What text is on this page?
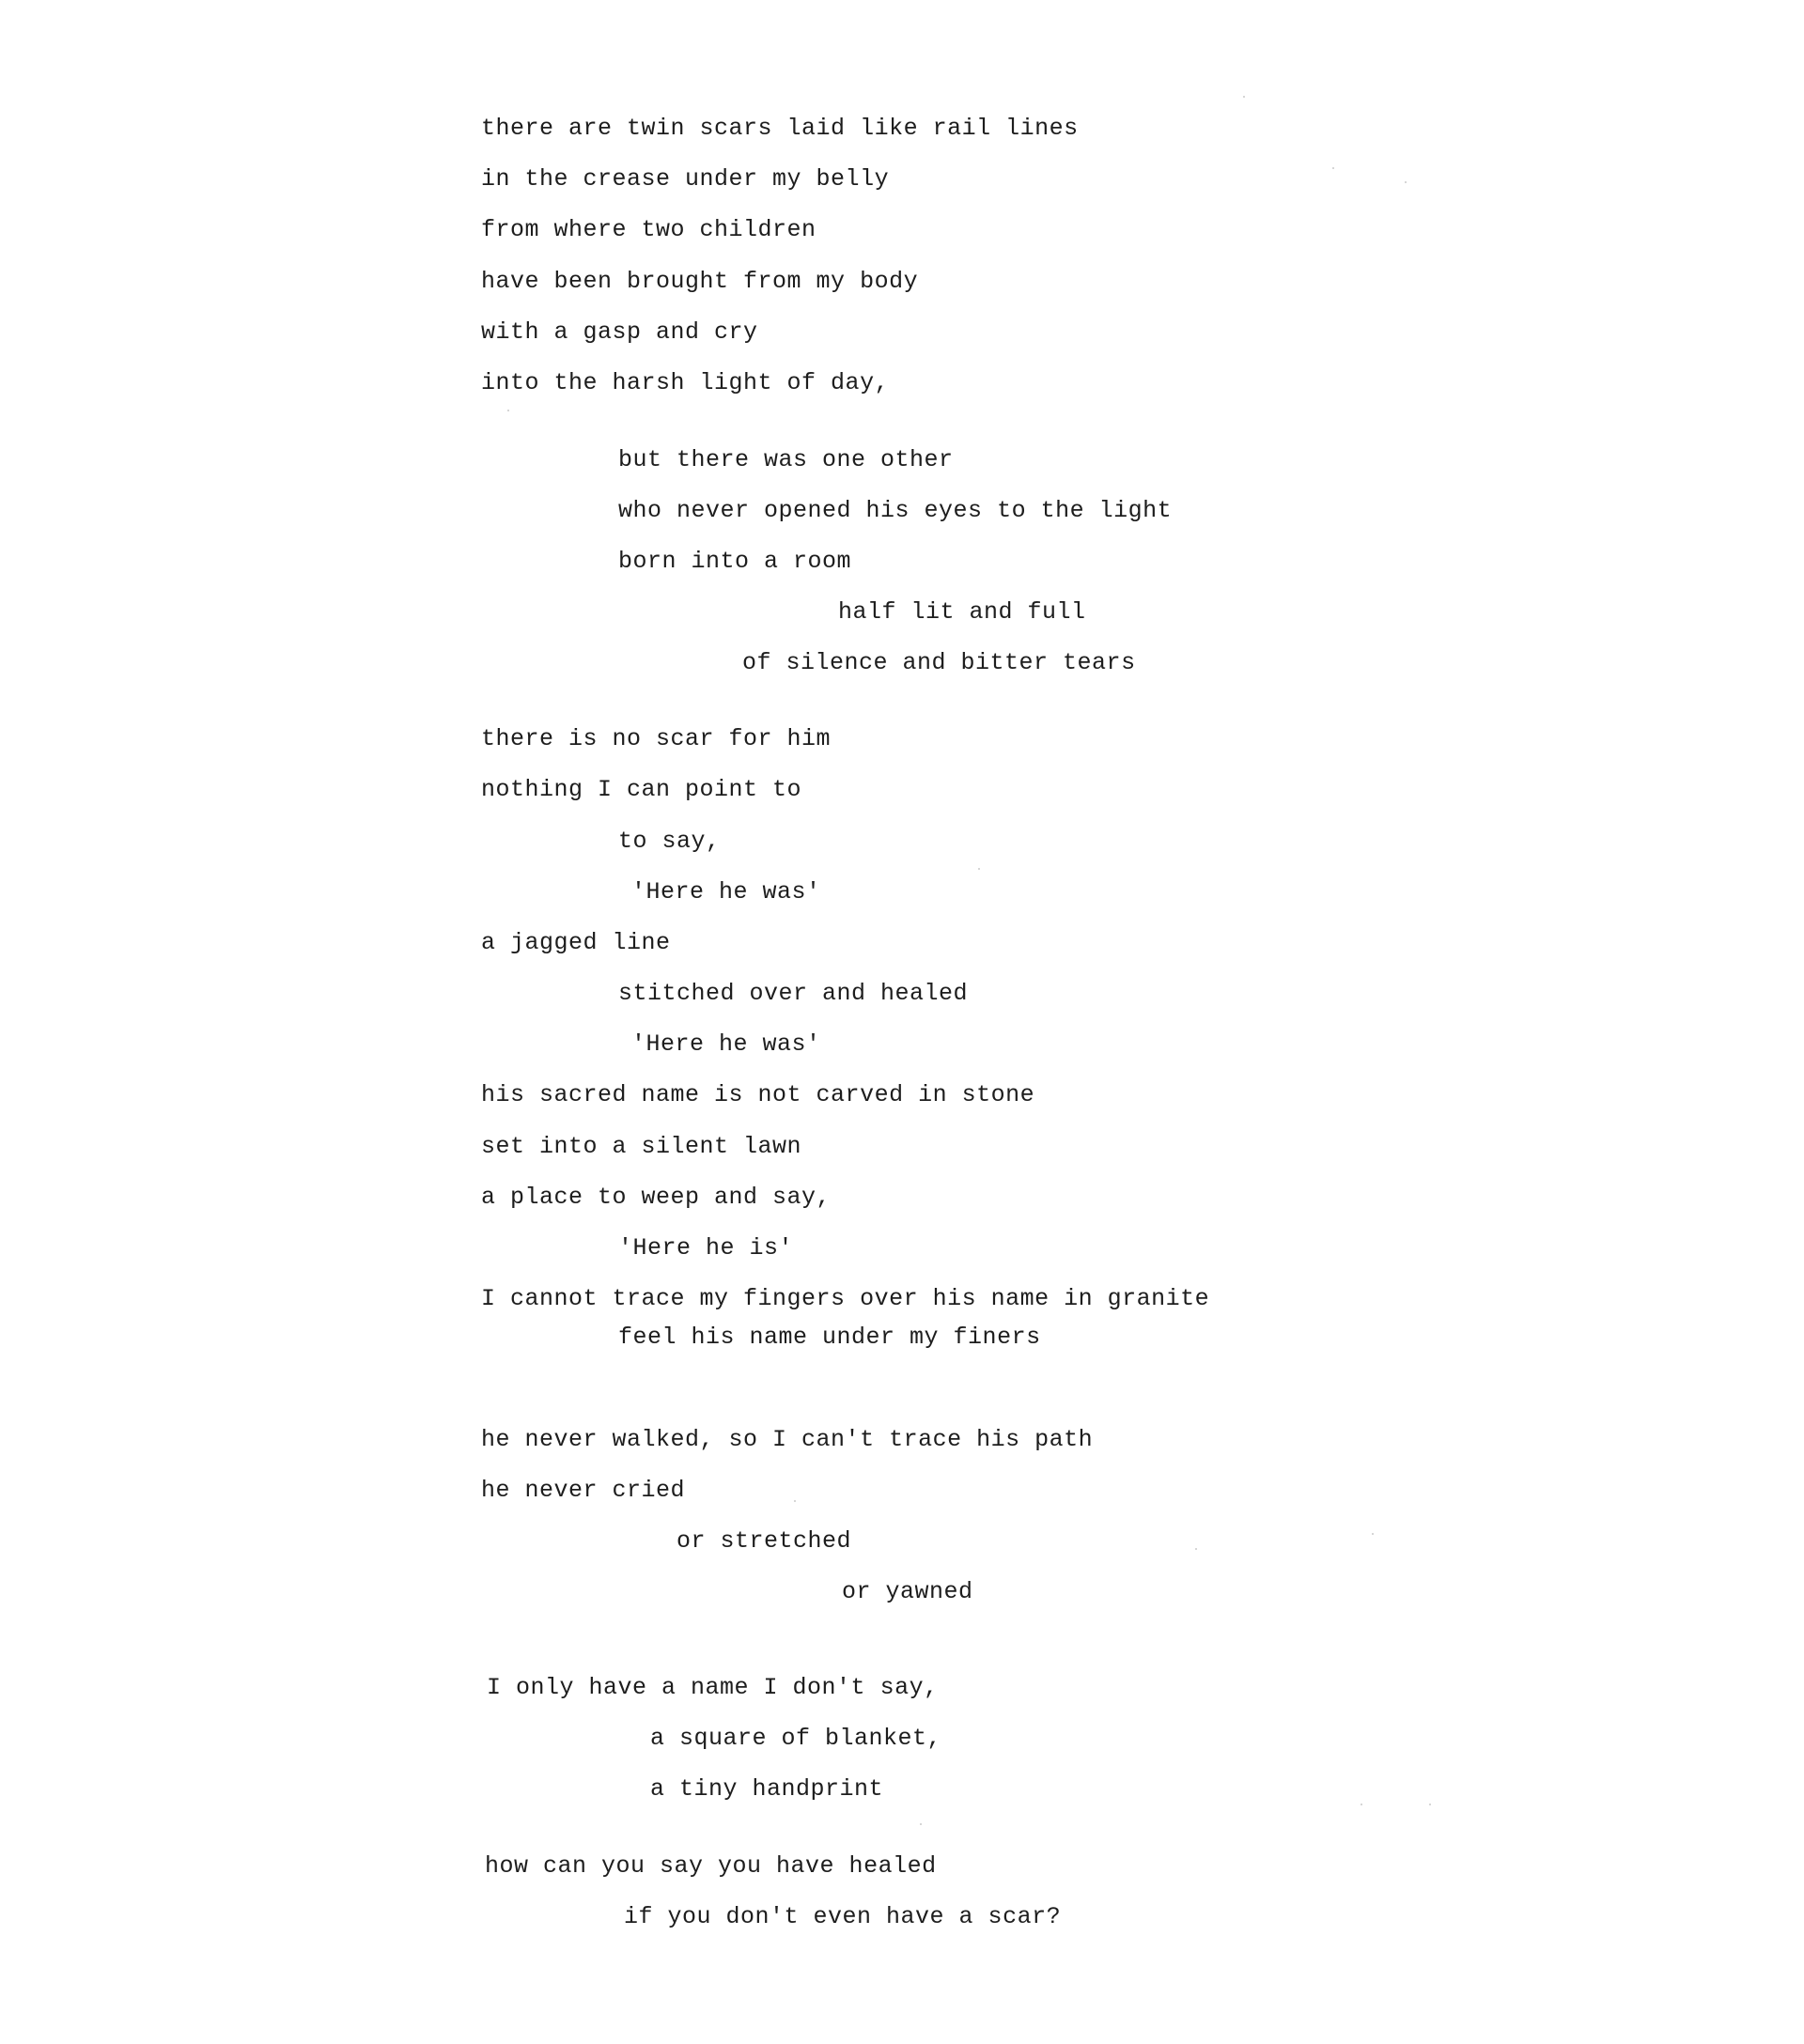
there are twin scars laid like rail lines
in the crease under my belly
from where two children
have been brought from my body
with a gasp and cry
into the harsh light of day,
but there was one other
who never opened his eyes to the light
born into a room
half lit and full
of silence and bitter tears
there is no scar for him
nothing I can point to
to say,
'Here he was'
a jagged line
stitched over and healed
'Here he was'
his sacred name is not carved in stone
set into a silent lawn
a place to weep and say,
'Here he is'
I cannot trace my fingers over his name in granite
feel his name under my finers
he never walked, so I can't trace his path
he never cried
or stretched
or yawned
I only have a name I don't say,
a square of blanket,
a tiny handprint
how can you say you have healed
if you don't even have a scar?
